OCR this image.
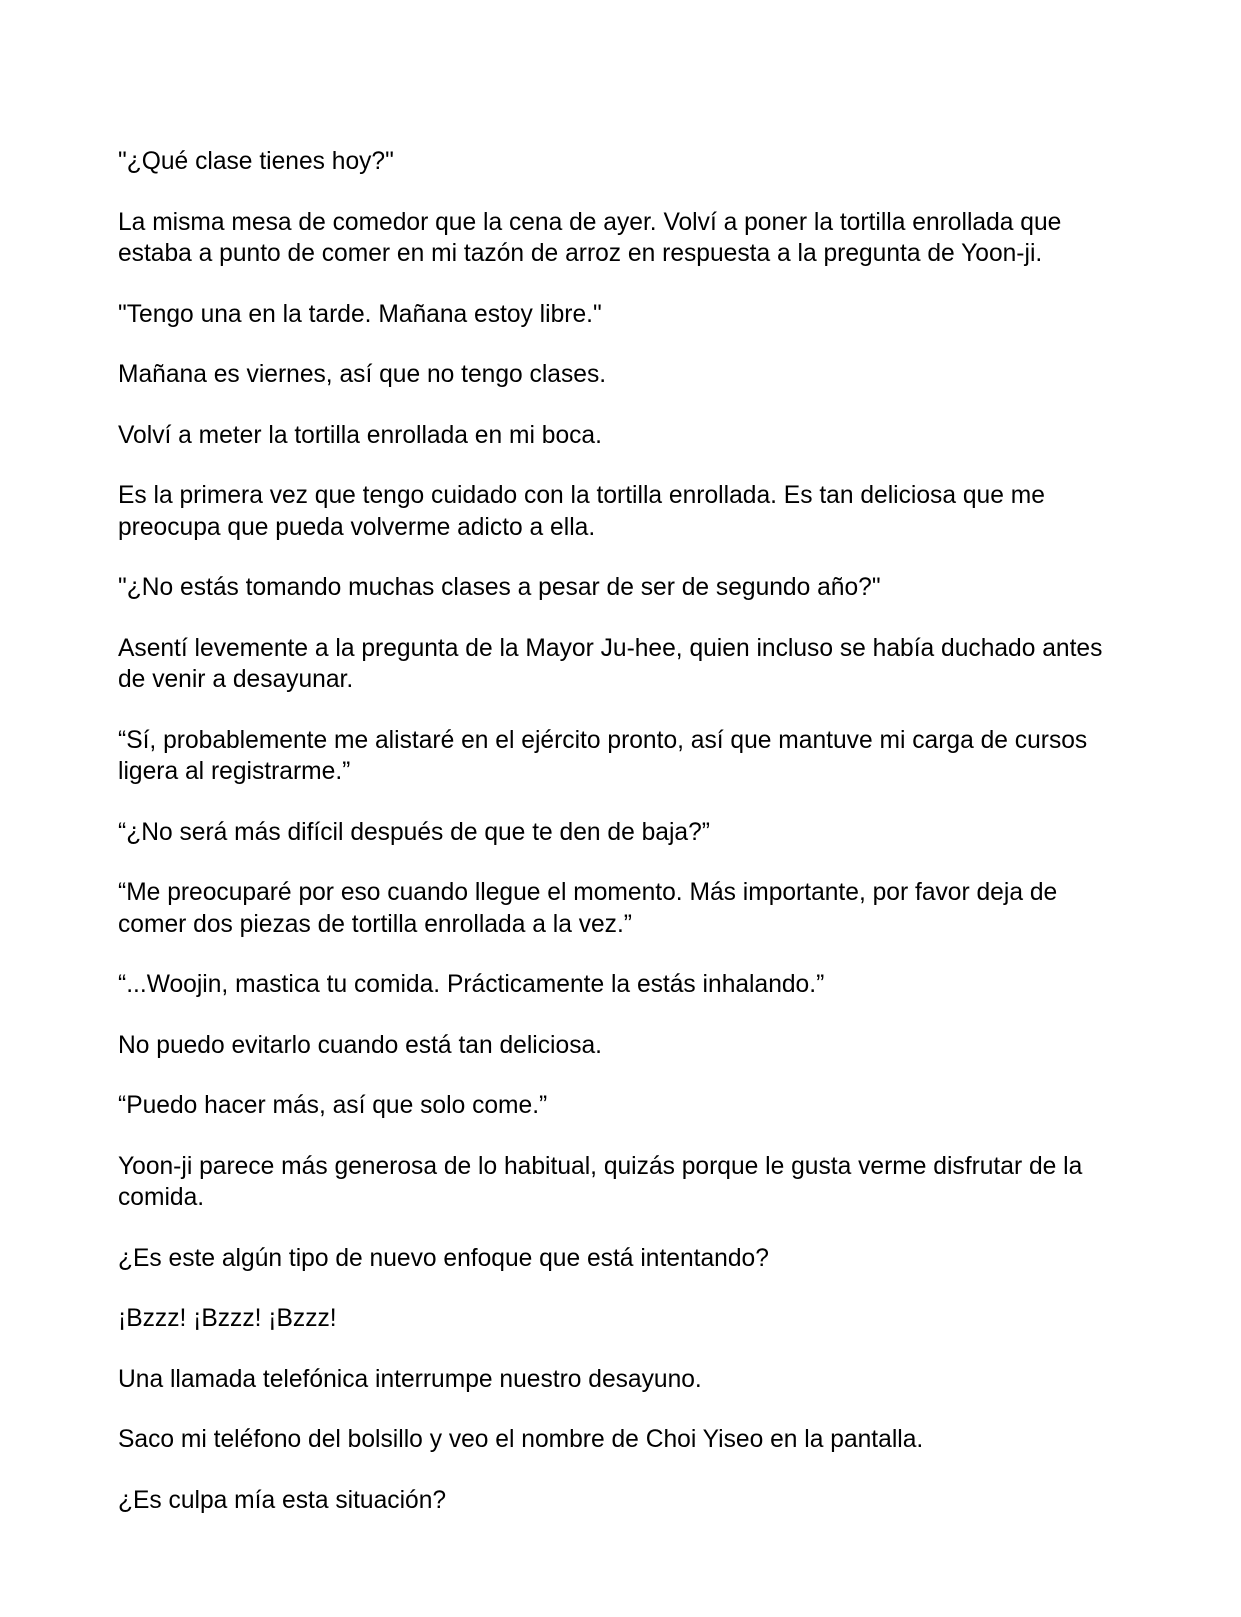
"¿Qué clase tienes hoy?"

La misma mesa de comedor que la cena de ayer. Volví a poner la tortilla enrollada que estaba a punto de comer en mi tazón de arroz en respuesta a la pregunta de Yoon-ji.

"Tengo una en la tarde. Mañana estoy libre."

Mañana es viernes, así que no tengo clases.

Volví a meter la tortilla enrollada en mi boca.

Es la primera vez que tengo cuidado con la tortilla enrollada. Es tan deliciosa que me preocupa que pueda volverme adicto a ella.

"¿No estás tomando muchas clases a pesar de ser de segundo año?"

Asentí levemente a la pregunta de la Mayor Ju-hee, quien incluso se había duchado antes de venir a desayunar.

“Sí, probablemente me alistaré en el ejército pronto, así que mantuve mi carga de cursos ligera al registrarme.”

“¿No será más difícil después de que te den de baja?”

“Me preocuparé por eso cuando llegue el momento. Más importante, por favor deja de comer dos piezas de tortilla enrollada a la vez.”

“...Woojin, mastica tu comida. Prácticamente la estás inhalando.”

No puedo evitarlo cuando está tan deliciosa.

“Puedo hacer más, así que solo come.”

Yoon-ji parece más generosa de lo habitual, quizás porque le gusta verme disfrutar de la comida.

¿Es este algún tipo de nuevo enfoque que está intentando?

¡Bzzz! ¡Bzzz! ¡Bzzz!

Una llamada telefónica interrumpe nuestro desayuno.

Saco mi teléfono del bolsillo y veo el nombre de Choi Yiseo en la pantalla.

¿Es culpa mía esta situación?
